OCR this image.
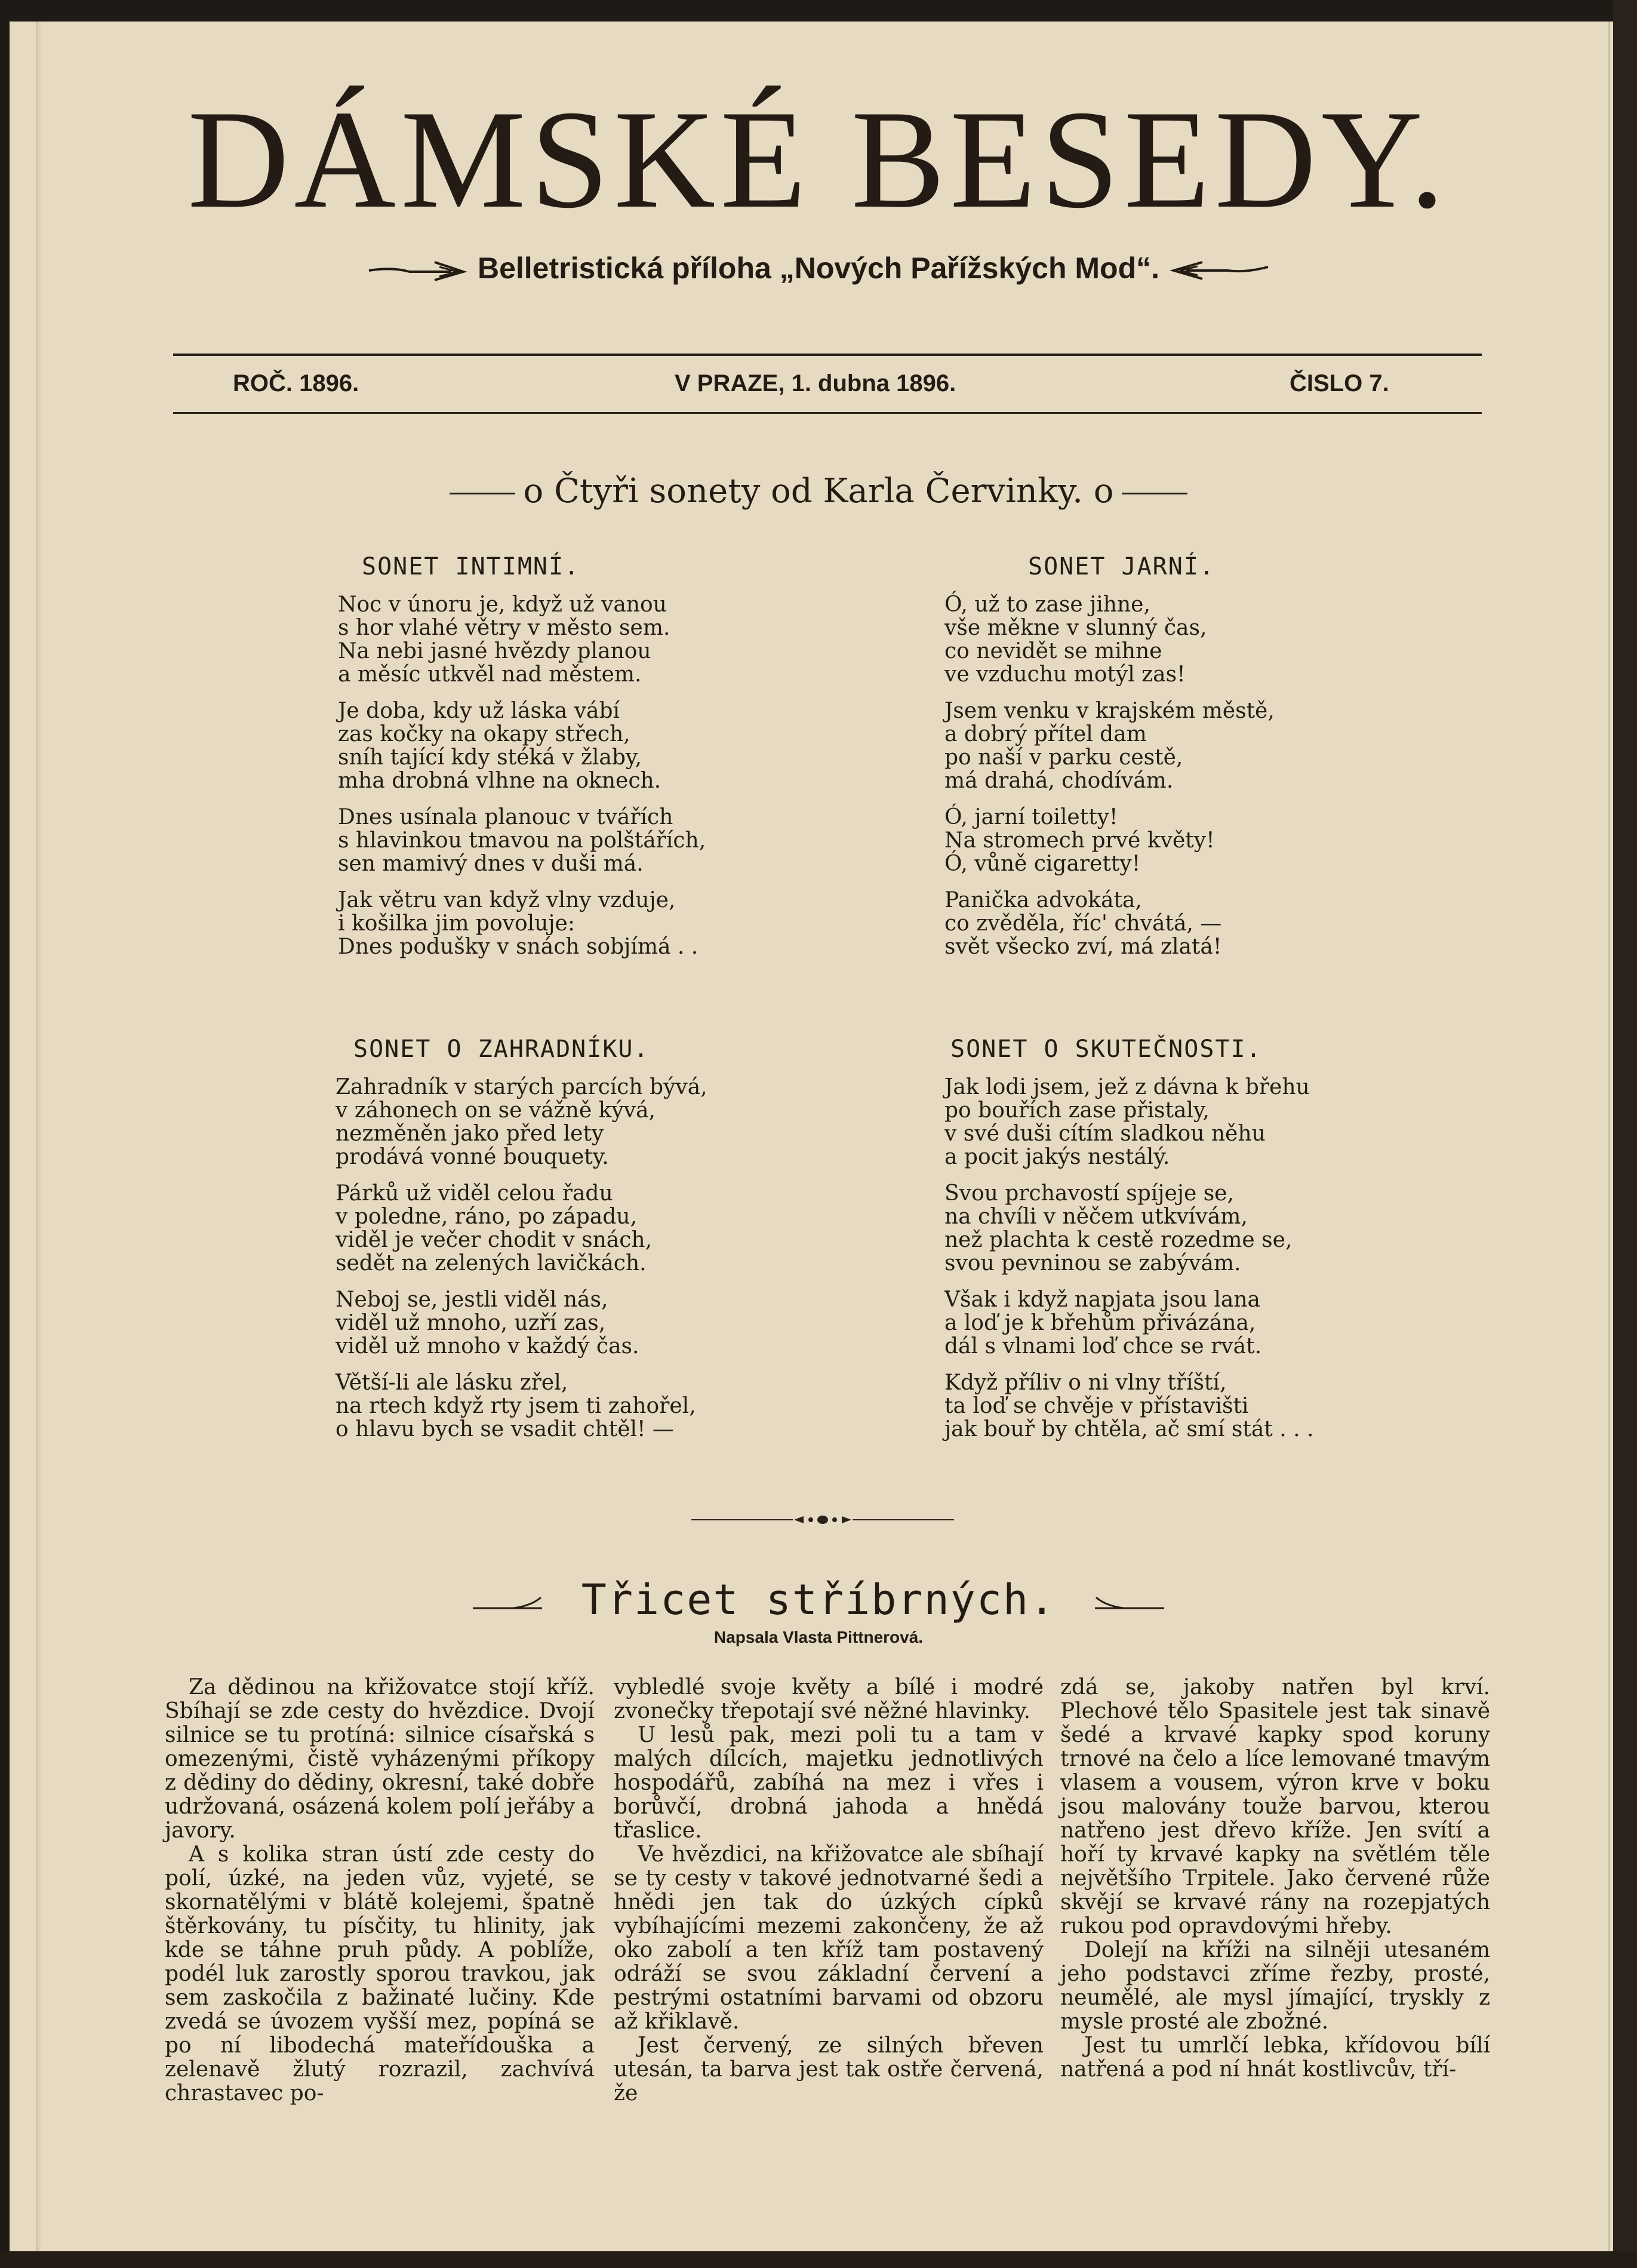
DÁMSKÉ BESEDY.
Belletristická příloha „Nových Pařížských Mod“.
ROČ. 1896.	V PRAZE, 1. dubna 1896.	ČISLO 7.
o Čtyři sonety od Karla Červinky. o
SONET INTIMNÍ.
Noc v únoru je, když už vanou
s hor vlahé větry v město sem.
Na nebi jasné hvězdy planou
a měsíc utkvěl nad městem.
Je doba, kdy už láska vábí
zas kočky na okapy střech,
sníh tající kdy stéká v žlaby,
mha drobná vlhne na oknech.
Dnes usínala planouc v tvářích
s hlavinkou tmavou na polštářích,
sen mamivý dnes v duši má.
Jak větru van když vlny vzduje,
i košilka jim povoluje:
Dnes podušky v snách sobjímá . .
SONET JARNÍ.
Ó, už to zase jihne,
vše měkne v slunný čas,
co nevidět se mihne
ve vzduchu motýl zas!
Jsem venku v krajském městě,
a dobrý přítel dam
po naší v parku cestě,
má drahá, chodívám.
Ó, jarní toiletty!
Na stromech prvé květy!
Ó, vůně cigaretty!
Panička advokáta,
co zvěděla, říc' chvátá, —
svět všecko zví, má zlatá!
SONET O ZAHRADNÍKU.
Zahradník v starých parcích bývá,
v záhonech on se vážně kývá,
nezměněn jako před lety
prodává vonné bouquety.
Párků už viděl celou řadu
v poledne, ráno, po západu,
viděl je večer chodit v snách,
sedět na zelených lavičkách.
Neboj se, jestli viděl nás,
viděl už mnoho, uzří zas,
viděl už mnoho v každý čas.
Větší-li ale lásku zřel,
na rtech když rty jsem ti zahořel,
o hlavu bych se vsadit chtěl! —
SONET O SKUTEČNOSTI.
Jak lodi jsem, jež z dávna k břehu
po bouřích zase přistaly,
v své duši cítím sladkou něhu
a pocit jakýs nestálý.
Svou prchavostí spíjeje se,
na chvíli v něčem utkvívám,
než plachta k cestě rozedme se,
svou pevninou se zabývám.
Však i když napjata jsou lana
a loď je k břehům přivázána,
dál s vlnami loď chce se rvát.
Když příliv o ni vlny tříští,
ta loď se chvěje v přístavišti
jak bouř by chtěla, ač smí stát . . .
Třicet stříbrných.
Napsala Vlasta Pittnerová.
Za dědinou na křižovatce stojí kříž. Sbíhají se zde cesty do hvězdice. Dvojí silnice se tu protíná: silnice císařská s omezenými, čistě vyházenými příkopy z dědiny do dědiny, okresní, také dobře udržovaná, osázená kolem polí jeřáby a javory.
A s kolika stran ústí zde cesty do polí, úzké, na jeden vůz, vyjeté, se skornatělými v blátě kolejemi, špatně štěrkovány, tu písčity, tu hlinity, jak kde se táhne pruh půdy. A poblíže, podél luk zarostly sporou travkou, jak sem zaskočila z bažinaté lučiny. Kde zvedá se úvozem vyšší mez, popíná se po ní libodechá mateřídouška a zelenavě žlutý rozrazil, zachvívá chrastavec po-
vybledlé svoje květy a bílé i modré zvonečky třepotají své něžné hlavinky.
U lesů pak, mezi poli tu a tam v malých dílcích, majetku jednotlivých hospodářů, zabíhá na mez i vřes i borůvčí, drobná jahoda a hnědá třaslice.
Ve hvězdici, na křižovatce ale sbíhají se ty cesty v takové jednotvarné šedi a hnědi jen tak do úzkých cípků vybíhajícími mezemi zakončeny, že až oko zabolí a ten kříž tam postavený odráží se svou základní červení a pestrými ostatními barvami od obzoru až křiklavě.
Jest červený, ze silných břeven utesán, ta barva jest tak ostře červená, že
zdá se, jakoby natřen byl krví. Plechové tělo Spasitele jest tak sinavě šedé a krvavé kapky spod koruny trnové na čelo a líce lemované tmavým vlasem a vousem, výron krve v boku jsou malovány touže barvou, kterou natřeno jest dřevo kříže. Jen svítí a hoří ty krvavé kapky na světlém těle největšího Trpitele. Jako červené růže skvějí se krvavé rány na rozepjatých rukou pod opravdovými hřeby.
Dolejí na kříži na silněji utesaném jeho podstavci zříme řezby, prosté, neumělé, ale mysl jímající, tryskly z mysle prosté ale zbožné.
Jest tu umrlčí lebka, křídovou bílí natřená a pod ní hnát kostlivcův, tří-
